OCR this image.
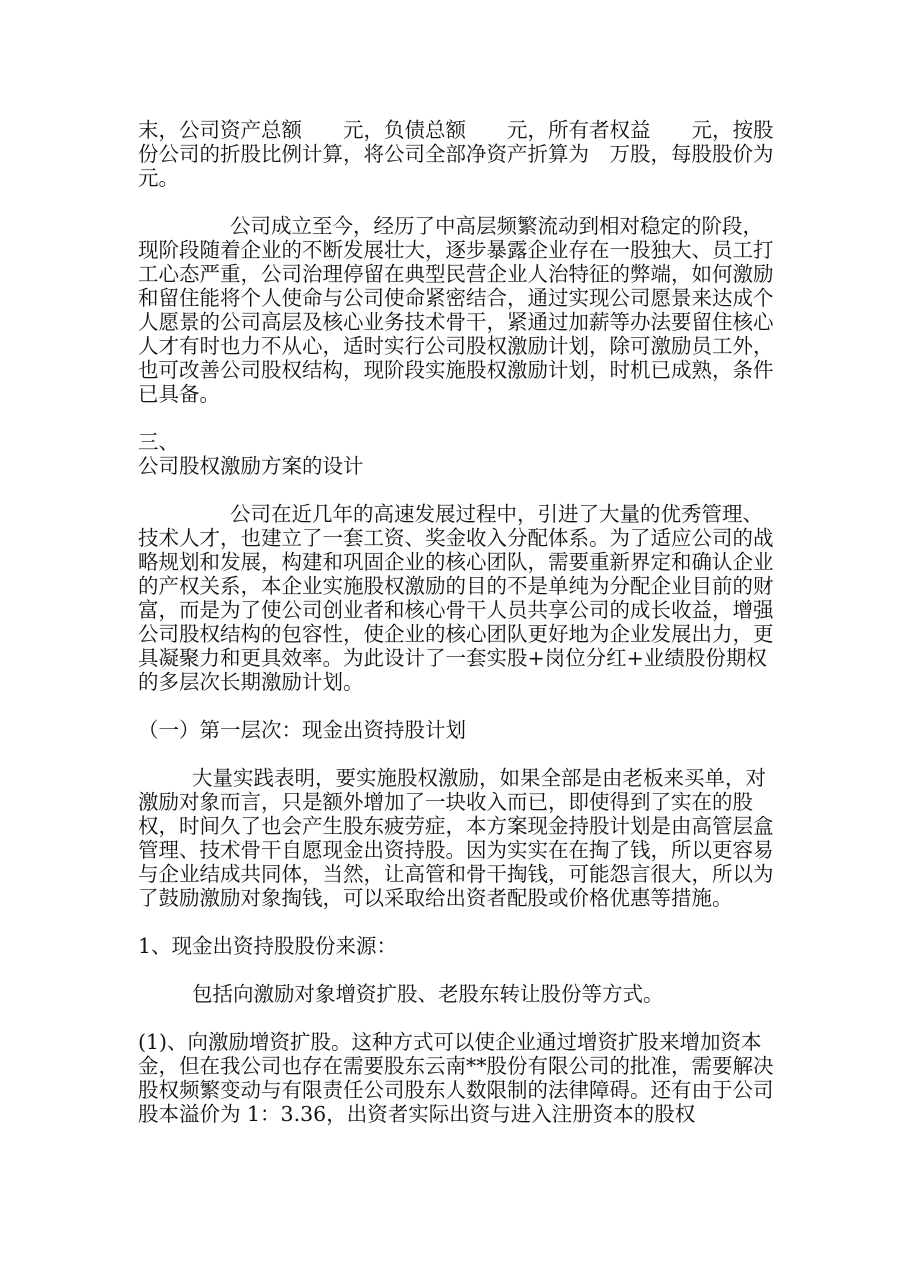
末，公司资产总额　　元，负债总额　　元，所有者权益　　元，按股份公司的折股比例计算，将公司全部净资产折算为　万股，每股股价为　元。

公司成立至今，经历了中高层频繁流动到相对稳定的阶段，现阶段随着企业的不断发展壮大，逐步暴露企业存在一股独大、员工打工心态严重，公司治理停留在典型民营企业人治特征的弊端，如何激励和留住能将个人使命与公司使命紧密结合，通过实现公司愿景来达成个人愿景的公司高层及核心业务技术骨干，紧通过加薪等办法要留住核心人才有时也力不从心，适时实行公司股权激励计划，除可激励员工外，也可改善公司股权结构，现阶段实施股权激励计划，时机已成熟，条件已具备。

三、

公司股权激励方案的设计

公司在近几年的高速发展过程中，引进了大量的优秀管理、技术人才，也建立了一套工资、奖金收入分配体系。为了适应公司的战略规划和发展，构建和巩固企业的核心团队，需要重新界定和确认企业的产权关系，本企业实施股权激励的目的不是单纯为分配企业目前的财富，而是为了使公司创业者和核心骨干人员共享公司的成长收益，增强公司股权结构的包容性，使企业的核心团队更好地为企业发展出力，更具凝聚力和更具效率。为此设计了一套实股+岗位分红+业绩股份期权的多层次长期激励计划。

（一）第一层次：现金出资持股计划

大量实践表明，要实施股权激励，如果全部是由老板来买单，对激励对象而言，只是额外增加了一块收入而已，即使得到了实在的股权，时间久了也会产生股东疲劳症，本方案现金持股计划是由高管层盒管理、技术骨干自愿现金出资持股。因为实实在在掏了钱，所以更容易与企业结成共同体，当然，让高管和骨干掏钱，可能怨言很大，所以为了鼓励激励对象掏钱，可以采取给出资者配股或价格优惠等措施。

1、现金出资持股股份来源：

包括向激励对象增资扩股、老股东转让股份等方式。

(1)、向激励增资扩股。这种方式可以使企业通过增资扩股来增加资本金，但在我公司也存在需要股东云南**股份有限公司的批准，需要解决股权频繁变动与有限责任公司股东人数限制的法律障碍。还有由于公司股本溢价为 1：3.36，出资者实际出资与进入注册资本的股权
